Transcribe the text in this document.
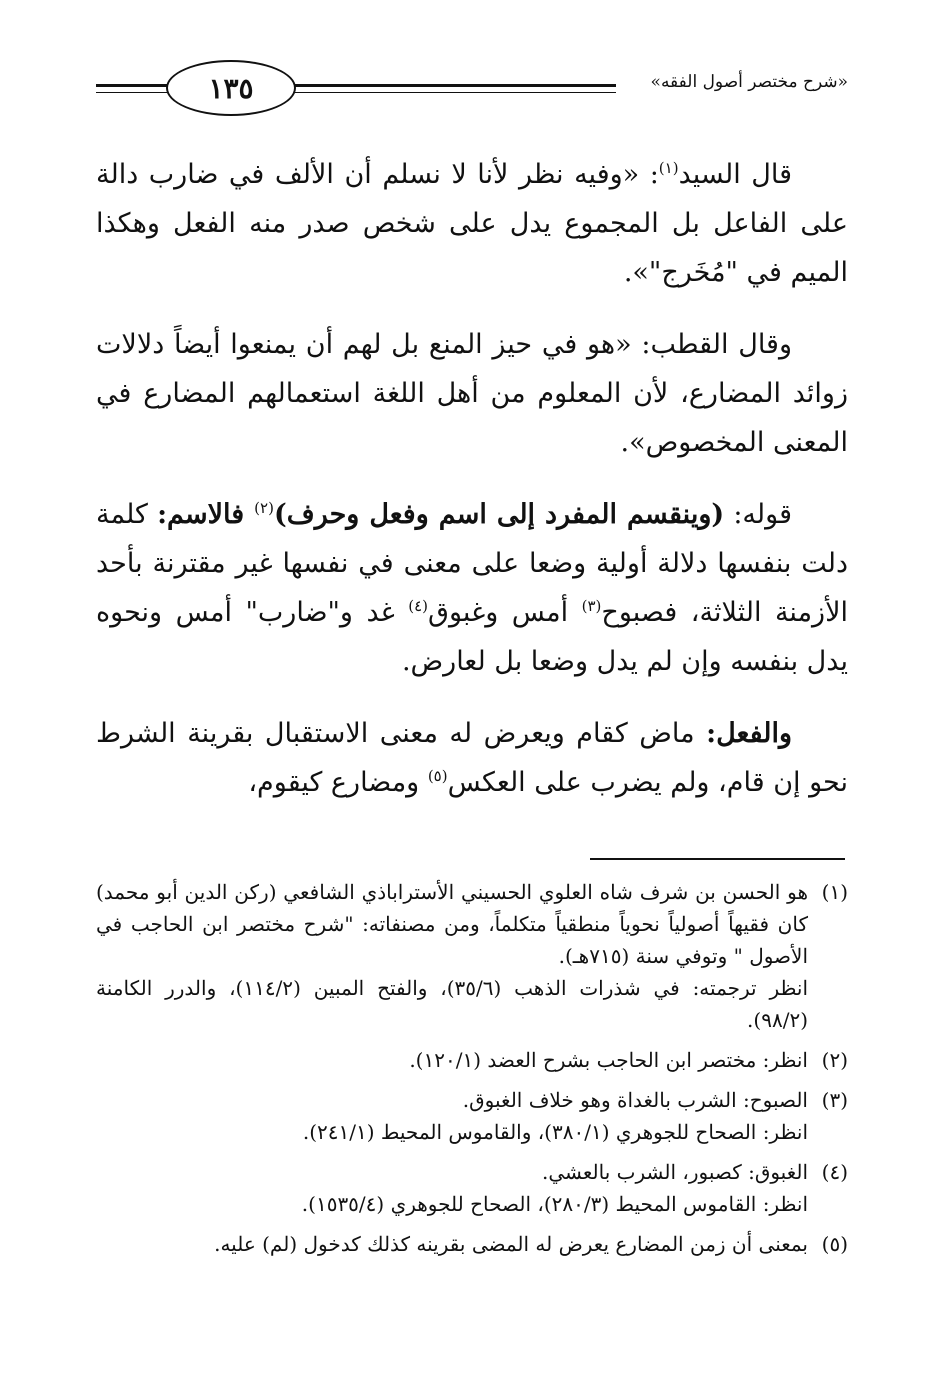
١٣٥	«شرح مختصر أصول الفقه»

قال السيد$^{(١)}$: «وفيه نظر لأنا لا نسلم أن الألف في ضارب دالة على الفاعل بل المجموع يدل على شخص صدر منه الفعل وهكذا الميم في "مُخَرج"».

وقال القطب: «هو في حيز المنع بل لهم أن يمنعوا أيضاً دلالات زوائد المضارع، لأن المعلوم من أهل اللغة استعمالهم المضارع في المعنى المخصوص».

قوله: (وينقسم المفرد إلى اسم وفعل وحرف)$^{(٢)}$ فالاسم: كلمة دلت بنفسها دلالة أولية وضعا على معنى في نفسها غير مقترنة بأحد الأزمنة الثلاثة، فصبوح$^{(٣)}$ أمس وغبوق$^{(٤)}$ غد و"ضارب" أمس ونحوه يدل بنفسه وإن لم يدل وضعا بل لعارض.

والفعل: ماض كقام ويعرض له معنى الاستقبال بقرينة الشرط نحو إن قام، ولم يضرب على العكس$^{(٥)}$ ومضارع كيقوم،

(١)

هو الحسن بن شرف شاه العلوي الحسيني الأستراباذي الشافعي (ركن الدين أبو محمد) كان فقيهاً أصولياً نحوياً منطقياً متكلماً، ومن مصنفاته: "شرح مختصر ابن الحاجب في الأصول " وتوفي سنة (٧١٥هـ).

انظر ترجمته: في شذرات الذهب (٣٥/٦)، والفتح المبين (١١٤/٢)، والدرر الكامنة (٩٨/٢).

(٢)

انظر: مختصر ابن الحاجب بشرح العضد (١٢٠/١).

(٣)

الصبوح: الشرب بالغداة وهو خلاف الغبوق.

انظر: الصحاح للجوهري (٣٨٠/١)، والقاموس المحيط (٢٤١/١).

(٤)

الغبوق: كصبور، الشرب بالعشي.

انظر: القاموس المحيط (٢٨٠/٣)، الصحاح للجوهري (١٥٣٥/٤).

(٥)

بمعنى أن زمن المضارع يعرض له المضى بقرينه كذلك كدخول (لم) عليه.
